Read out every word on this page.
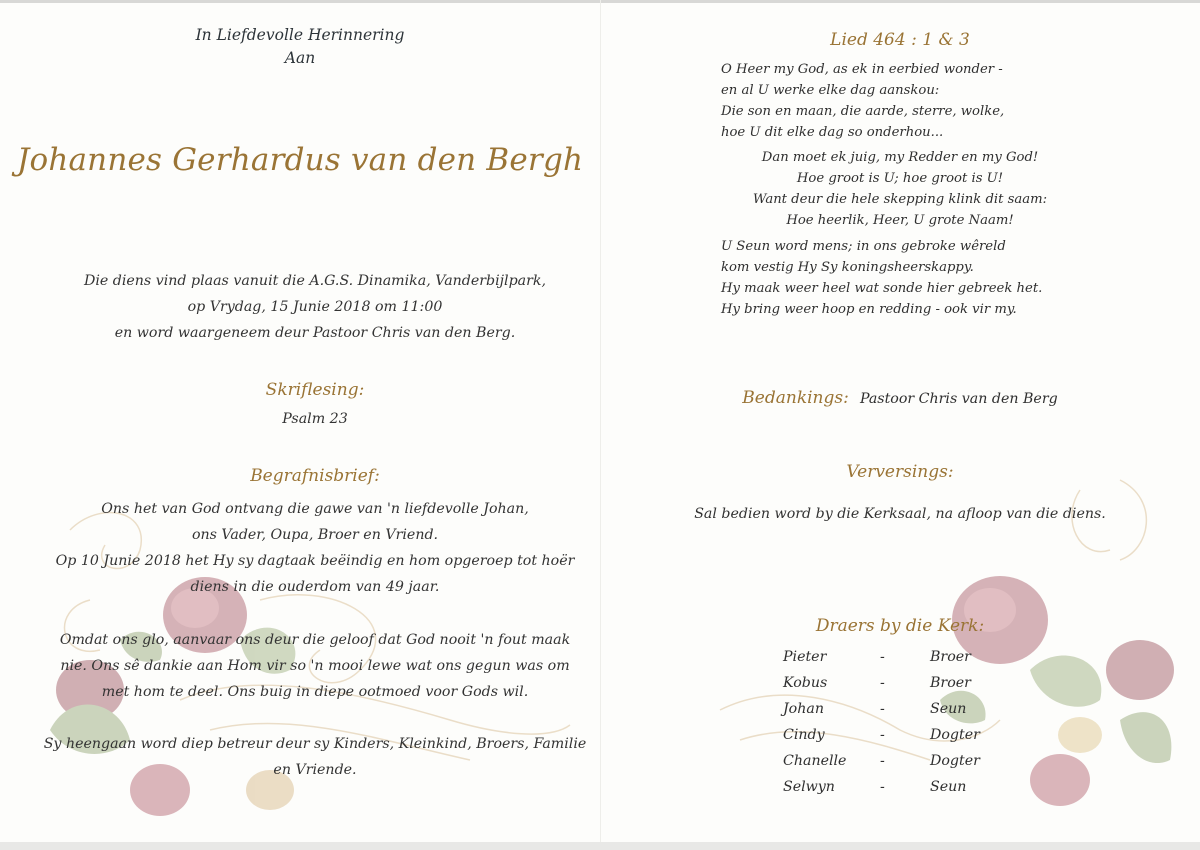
In Liefdevolle Herinnering
Aan
Johannes Gerhardus van den Bergh
Die diens vind plaas vanuit die A.G.S. Dinamika, Vanderbijlpark,
op Vrydag, 15 Junie 2018 om 11:00
en word waargeneem deur Pastoor Chris van den Berg.
Skriflesing:
Psalm 23
Begrafnisbrief:
Ons het van God ontvang die gawe van 'n liefdevolle Johan,
ons Vader, Oupa, Broer en Vriend.
Op 10 Junie 2018 het Hy sy dagtaak beëindig en hom opgeroep tot hoër
diens in die ouderdom van 49 jaar.
Omdat ons glo, aanvaar ons deur die geloof dat God nooit 'n fout maak
nie. Ons sê dankie aan Hom vir so 'n mooi lewe wat ons gegun was om
met hom te deel. Ons buig in diepe ootmoed voor Gods wil.
Sy heengaan word diep betreur deur sy Kinders, Kleinkind, Broers, Familie
en Vriende.
Lied 464 : 1 & 3
O Heer my God, as ek in eerbied wonder -
en al U werke elke dag aanskou:
Die son en maan, die aarde, sterre, wolke,
hoe U dit elke dag so onderhou...
Dan moet ek juig, my Redder en my God!
Hoe groot is U; hoe groot is U!
Want deur die hele skepping klink dit saam:
Hoe heerlik, Heer, U grote Naam!
U Seun word mens; in ons gebroke wêreld
kom vestig Hy Sy koningsheerskappy.
Hy maak weer heel wat sonde hier gebreek het.
Hy bring weer hoop en redding - ook vir my.
Bedankings: Pastoor Chris van den Berg
Verversings:
Sal bedien word by die Kerksaal, na afloop van die diens.
Draers by die Kerk:
Pieter	-	Broer
Kobus	-	Broer
Johan	-	Seun
Cindy	-	Dogter
Chanelle -	Dogter
Selwyn	-	Seun
